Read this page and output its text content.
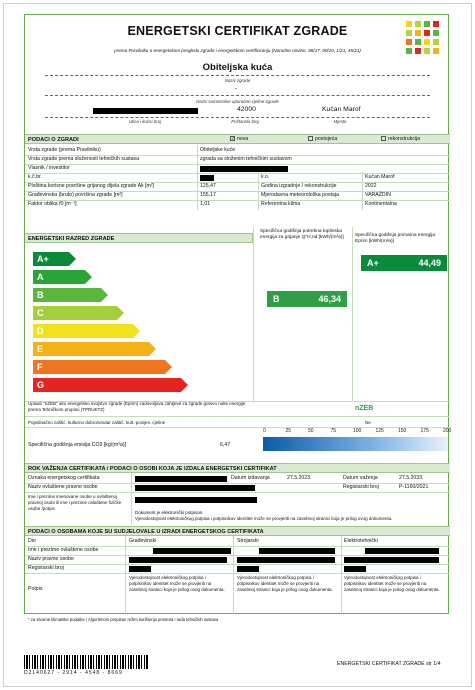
ENERGETSKI CERTIFIKAT ZGRADE
prema Pravilniku o energetskom pregledu zgrade i energetskom certificiranju (Narodne novine, 88/17, 90/20, 1/21, 45/21)
Obiteljska kuća
Naziv zgrade
-
Naziv samostalne uporabne cjeline zgrade
42000	Kučan Marof
Ulica i kućni broj	Poštanski broj	Mjesto
PODACI O ZGRADI	✓ nova	postojeća	rekonstrukcija
Vrsta zgrade (prema Pravilniku)	Obiteljske kuće
Vrsta zgrade prema složenosti tehničkih sustava	zgrada sa složenim tehničkim sustavom
Vlasnik / investitor
k.č.br.	k.o.	Kučan Marof
Ploština korisne površine grijanog dijela zgrade Ak [m²]	125,47	Godina izgradnje / rekonstrukcije	2022
Građevinska (bruto) površina zgrade [m²]	155,17	Mjerodavna meteorološka postaja	VARAŽDIN
Faktor oblika f0 [m⁻¹]	1,01	Referentna klima	Kontinentalna
ENERGETSKI RAZRED ZGRADE
Specifična godišnja potrebna toplinska energija za grijanje Q''H,nd [kWh/(m²a)]	Specifična godišnja primarna energija Eprim [kWh/(m²a)]
A+
A
B
C
D
E
F
G
B	46,34
A+	44,49
Upisati ''nZEB'' ako energetsko svojstvo zgrade (Eprim) zadovoljava zahtjeve za zgrade gotovo nulte energije prema Tehničkom propisu (TPRUETZ)	nZEB
Pojedinačno zaštić. kulturno dobro/unutar zaštić. kult.-povijes. cjeline	Ne
Specifična godišnja emisija CO2 [kg/(m²a)]	6,47
0	25	50	75	100	125	150	175	200
ROK VAŽENJA CERTIFIKATA / PODACI O OSOBI KOJA JE IZDALA ENERGETSKI CERTIFIKAT
Oznaka energetskog certifikata	Datum izdavanja	27.5.2023.	Datum važenja	27.5.2033.
Naziv ovlaštene pravne osobe	Registarski broj	P-1160/2021
Ime i prezime imenovane osobe u ovlaštenoj pravnoj osobi ili ime i prezime ovlaštene fizičke osobe /potpis
Dokument je elektronički potpisan.
Vjerodostojnost elektroničkog potpisa i potpisnikov identitet može se provjeriti na zasebnoj stranici koja je prilog ovog dokumenta.
PODACI O OSOBAMA KOJE SU SUDJELOVALE U IZRADI ENERGETSKOG CERTIFIKATA
Dio	Građevinski	Strojarski	Elektrotehnički
Ime i prezime ovlaštene osobe
Naziv pravne osobe
Registarski broj
Potpis
Vjerodostojnost elektroničkog potpisa i potpisnikov identitet može se provjeriti na zasebnoj stranici koja je prilog ovog dokumenta.
Vjerodostojnost elektroničkog potpisa i potpisnikov identitet može se provjeriti na zasebnoj stranici koja je prilog ovog dokumenta.
Vjerodostojnost elektroničkog potpisa i potpisnikov identitet može se provjeriti na zasebnoj stranici koja je prilog ovog dokumenta.
* za stvarne klimatske podatke | Algoritmom propisan režim korištenja prostora i rada tehničkih sustava
D2140627 - 2914 - 4548 - 8669
ENERGETSKI CERTIFIKAT ZGRADE str 1/4
